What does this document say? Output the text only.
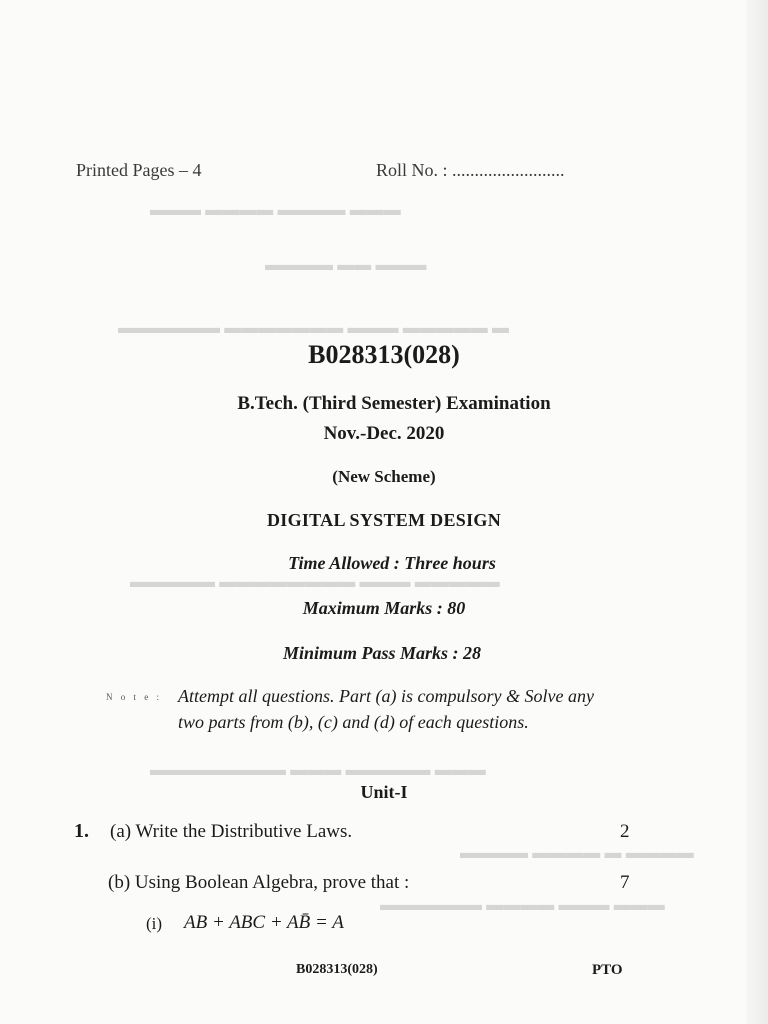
▬▬▬ ▬▬▬▬ ▬▬▬▬ ▬▬▬
▬▬▬ ▬▬ ▬▬▬▬
▬ ▬▬▬▬▬ ▬▬▬ ▬▬▬▬▬▬▬ ▬▬▬▬▬▬
▬▬▬▬▬ ▬▬▬ ▬▬▬▬▬▬▬▬ ▬▬▬▬▬
▬▬▬ ▬▬▬▬▬ ▬▬▬ ▬▬▬▬▬▬▬▬
▬▬▬▬ ▬ ▬▬▬▬ ▬▬▬▬
▬▬▬ ▬▬▬ ▬▬▬▬ ▬▬▬▬▬▬
Printed Pages – 4	Roll No. : .........................
B028313(028)
B.Tech. (Third Semester) Examination
Nov.-Dec. 2020
(New Scheme)
DIGITAL SYSTEM DESIGN
Time Allowed : Three hours
Maximum Marks : 80
Minimum Pass Marks : 28
N o t e : Attempt all questions. Part (a) is compulsory & Solve any two parts from (b), (c) and (d) of each questions.
Unit-I
1. (a) Write the Distributive Laws.	2
(b) Using Boolean Algebra, prove that :	7
(i) AB + ABC + AB̄ = A
B028313(028)	PTO
